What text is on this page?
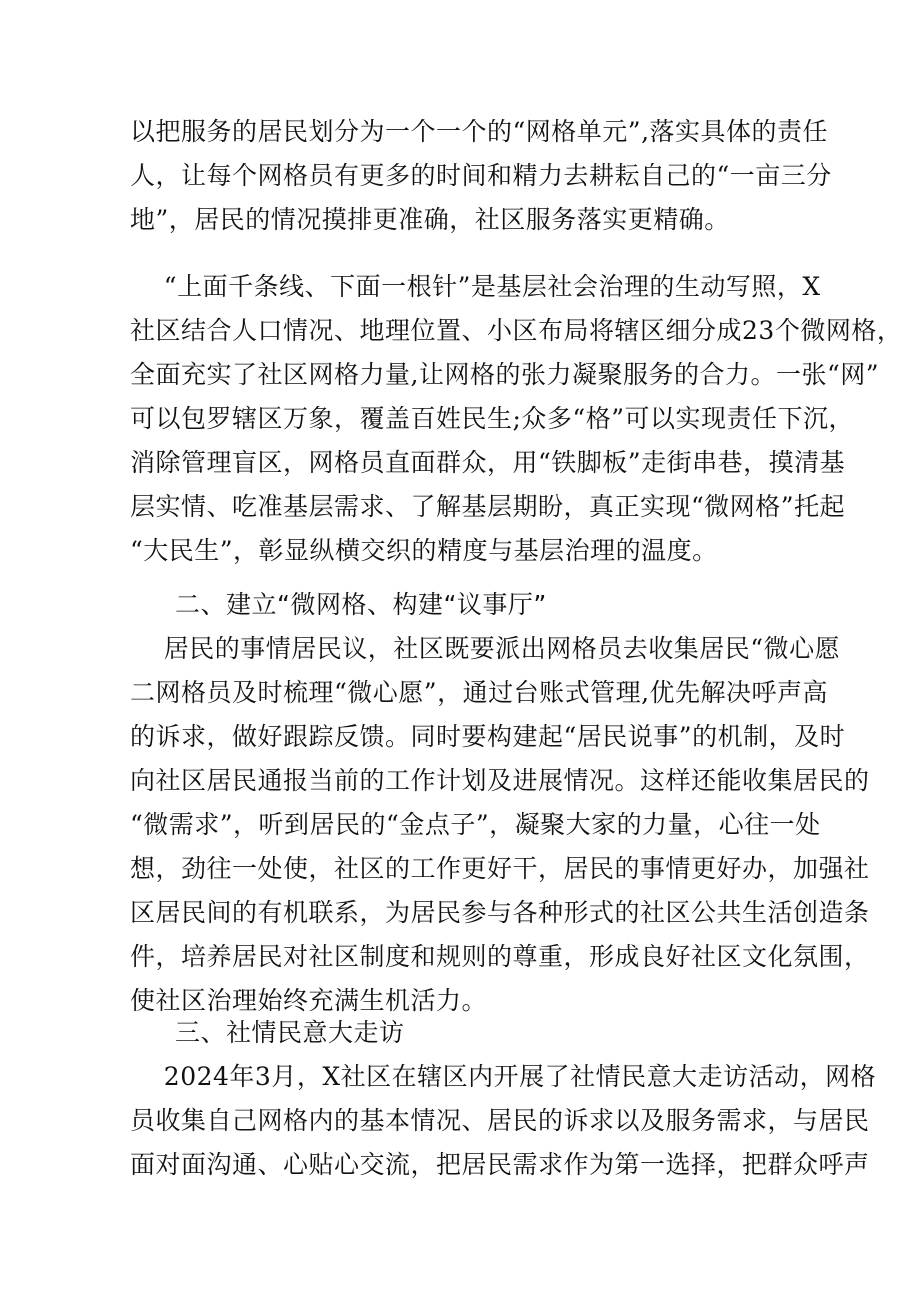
以把服务的居民划分为一个一个的“网格单元”,落实具体的责任
人，让每个网格员有更多的时间和精力去耕耘自己的“一亩三分
地”，居民的情况摸排更准确，社区服务落实更精确。
“上面千条线、下面一根针”是基层社会治理的生动写照，X
社区结合人口情况、地理位置、小区布局将辖区细分成23个微网格，
全面充实了社区网格力量,让网格的张力凝聚服务的合力。一张“网”
可以包罗辖区万象，覆盖百姓民生;众多“格”可以实现责任下沉，
消除管理盲区，网格员直面群众，用“铁脚板”走街串巷，摸清基
层实情、吃准基层需求、了解基层期盼，真正实现“微网格”托起
“大民生”，彰显纵横交织的精度与基层治理的温度。
二、建立“微网格、构建“议事厅”
居民的事情居民议，社区既要派出网格员去收集居民“微心愿
二网格员及时梳理“微心愿”，通过台账式管理,优先解决呼声高
的诉求，做好跟踪反馈。同时要构建起“居民说事”的机制，及时
向社区居民通报当前的工作计划及进展情况。这样还能收集居民的
“微需求”，听到居民的“金点子”，凝聚大家的力量，心往一处
想，劲往一处使，社区的工作更好干，居民的事情更好办，加强社
区居民间的有机联系，为居民参与各种形式的社区公共生活创造条
件，培养居民对社区制度和规则的尊重，形成良好社区文化氛围，
使社区治理始终充满生机活力。
三、社情民意大走访
2024年3月，X社区在辖区内开展了社情民意大走访活动，网格
员收集自己网格内的基本情况、居民的诉求以及服务需求，与居民
面对面沟通、心贴心交流，把居民需求作为第一选择，把群众呼声
